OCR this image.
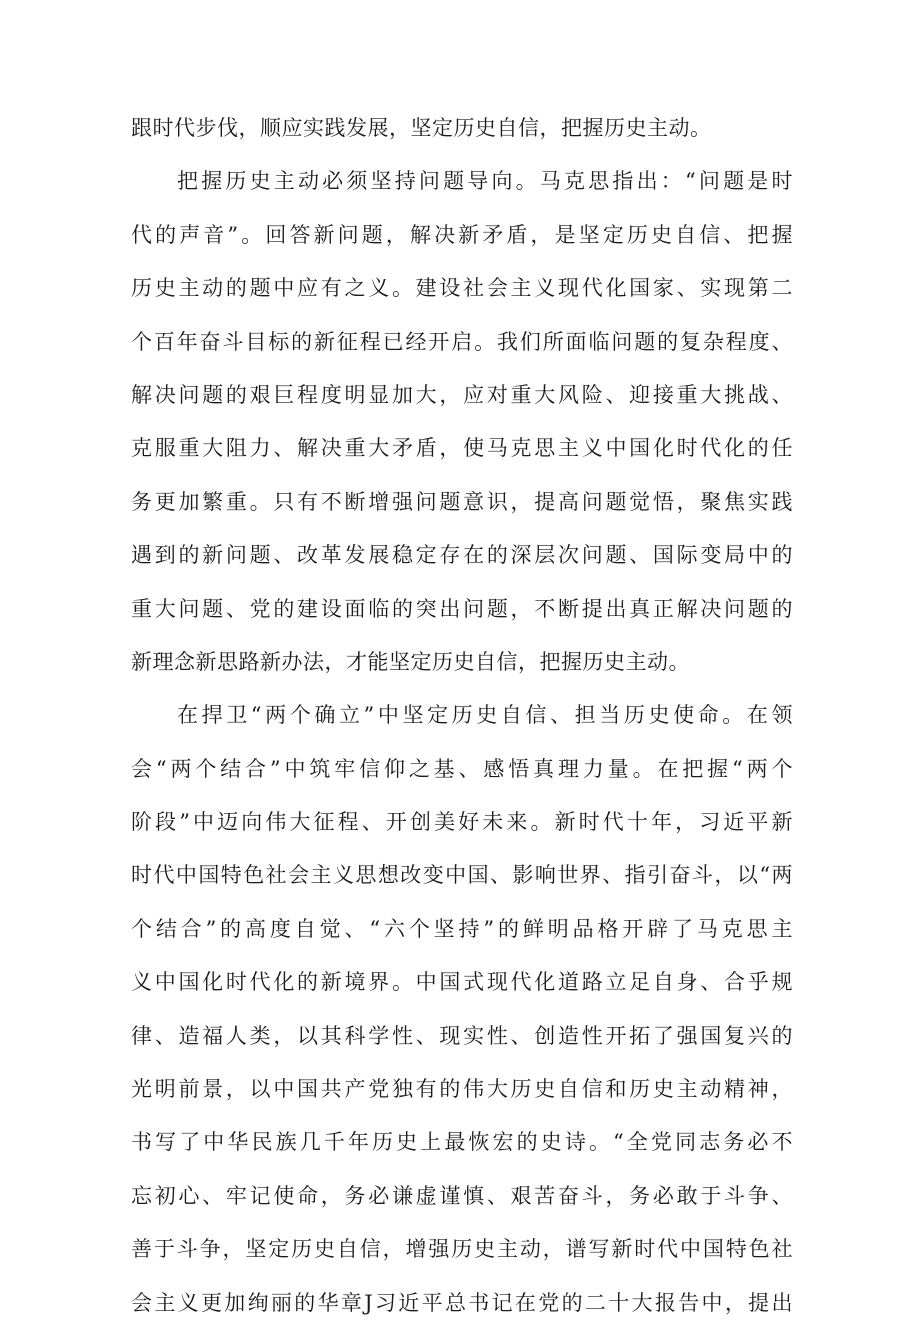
跟时代步伐，顺应实践发展，坚定历史自信，把握历史主动。
把握历史主动必须坚持问题导向。马克思指出：“问题是时
代的声音”。回答新问题，解决新矛盾，是坚定历史自信、把握
历史主动的题中应有之义。建设社会主义现代化国家、实现第二
个百年奋斗目标的新征程已经开启。我们所面临问题的复杂程度、
解决问题的艰巨程度明显加大，应对重大风险、迎接重大挑战、
克服重大阻力、解决重大矛盾，使马克思主义中国化时代化的任
务更加繁重。只有不断增强问题意识，提高问题觉悟，聚焦实践
遇到的新问题、改革发展稳定存在的深层次问题、国际变局中的
重大问题、党的建设面临的突出问题，不断提出真正解决问题的
新理念新思路新办法，才能坚定历史自信，把握历史主动。
在捍卫“两个确立”中坚定历史自信、担当历史使命。在领
会“两个结合”中筑牢信仰之基、感悟真理力量。在把握“两个
阶段”中迈向伟大征程、开创美好未来。新时代十年，习近平新
时代中国特色社会主义思想改变中国、影响世界、指引奋斗，以“两
个结合”的高度自觉、“六个坚持”的鲜明品格开辟了马克思主
义中国化时代化的新境界。中国式现代化道路立足自身、合乎规
律、造福人类，以其科学性、现实性、创造性开拓了强国复兴的
光明前景，以中国共产党独有的伟大历史自信和历史主动精神，
书写了中华民族几千年历史上最恢宏的史诗。“全党同志务必不
忘初心、牢记使命，务必谦虚谨慎、艰苦奋斗，务必敢于斗争、
善于斗争，坚定历史自信，增强历史主动，谱写新时代中国特色社
会主义更加绚丽的华章J习近平总书记在党的二十大报告中，提出
